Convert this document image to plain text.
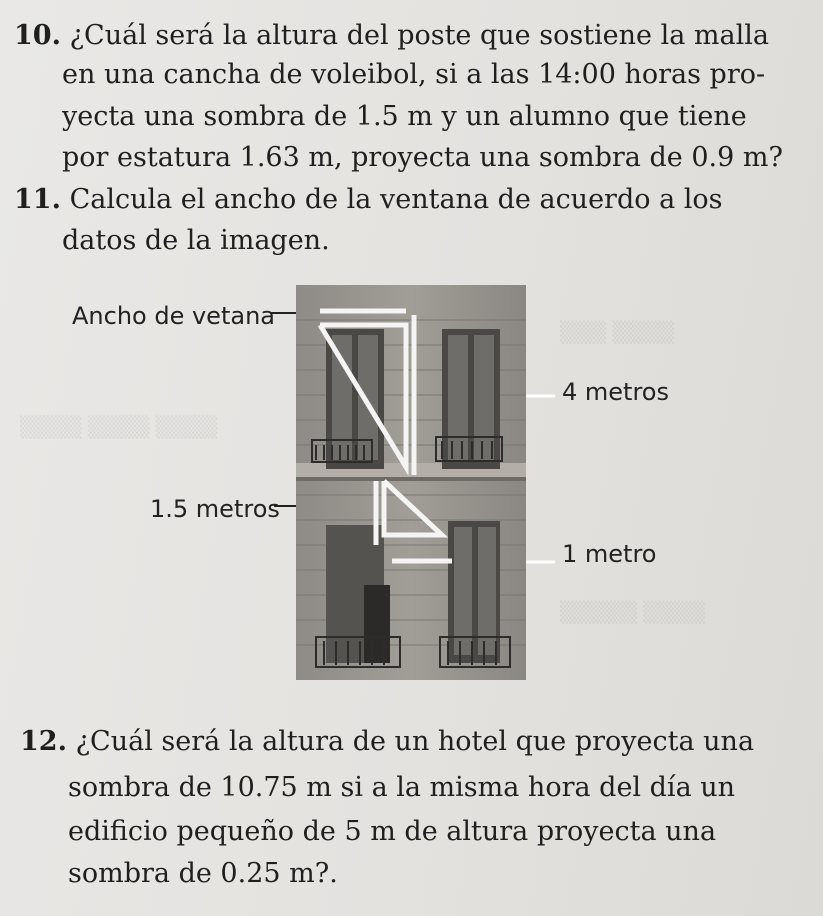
▒▒▒ ▒▒▒▒
▒▒▒▒ ▒▒▒▒ ▒▒▒▒
▒▒▒▒▒ ▒▒▒▒
10. ¿Cuál será la altura del poste que sostiene la malla
en una cancha de voleibol, si a las 14:00 horas pro-
yecta una sombra de 1.5 m y un alumno que tiene
por estatura 1.63 m, proyecta una sombra de 0.9 m?
11. Calcula el ancho de la ventana de acuerdo a los
datos de la imagen.
Ancho de vetana
4 metros
1.5 metros
1 metro
12. ¿Cuál será la altura de un hotel que proyecta una
sombra de 10.75 m si a la misma hora del día un
edificio pequeño de 5 m de altura proyecta una
sombra de 0.25 m?.
